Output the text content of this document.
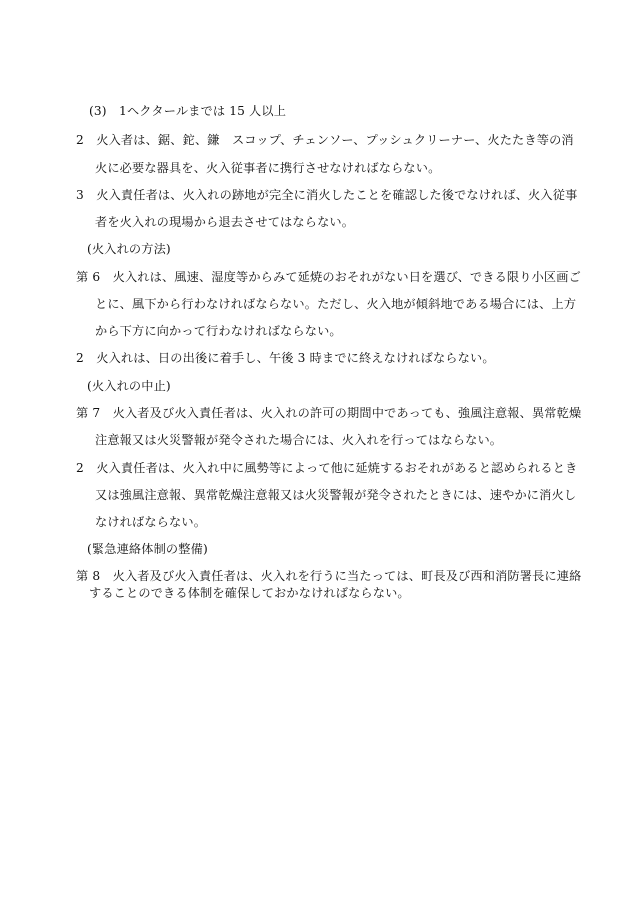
(3)　1ヘクタールまでは 15 人以上
2　火入者は、鋸、鉈、鎌　スコップ、チェンソー、プッシュクリーナー、火たたき等の消
火に必要な器具を、火入従事者に携行させなければならない。
3　火入責任者は、火入れの跡地が完全に消火したことを確認した後でなければ、火入従事
者を火入れの現場から退去させてはならない。
(火入れの方法)
第 6　火入れは、風速、湿度等からみて延焼のおそれがない日を選び、できる限り小区画ご
とに、風下から行わなければならない。ただし、火入地が傾斜地である場合には、上方
から下方に向かって行わなければならない。
2　火入れは、日の出後に着手し、午後 3 時までに終えなければならない。
(火入れの中止)
第 7　火入者及び火入責任者は、火入れの許可の期間中であっても、強風注意報、異常乾燥
注意報又は火災警報が発令された場合には、火入れを行ってはならない。
2　火入責任者は、火入れ中に風勢等によって他に延焼するおそれがあると認められるとき
又は強風注意報、異常乾燥注意報又は火災警報が発令されたときには、速やかに消火し
なければならない。
(緊急連絡体制の整備)
第 8　火入者及び火入責任者は、火入れを行うに当たっては、町長及び西和消防署長に連絡
することのできる体制を確保しておかなければならない。
